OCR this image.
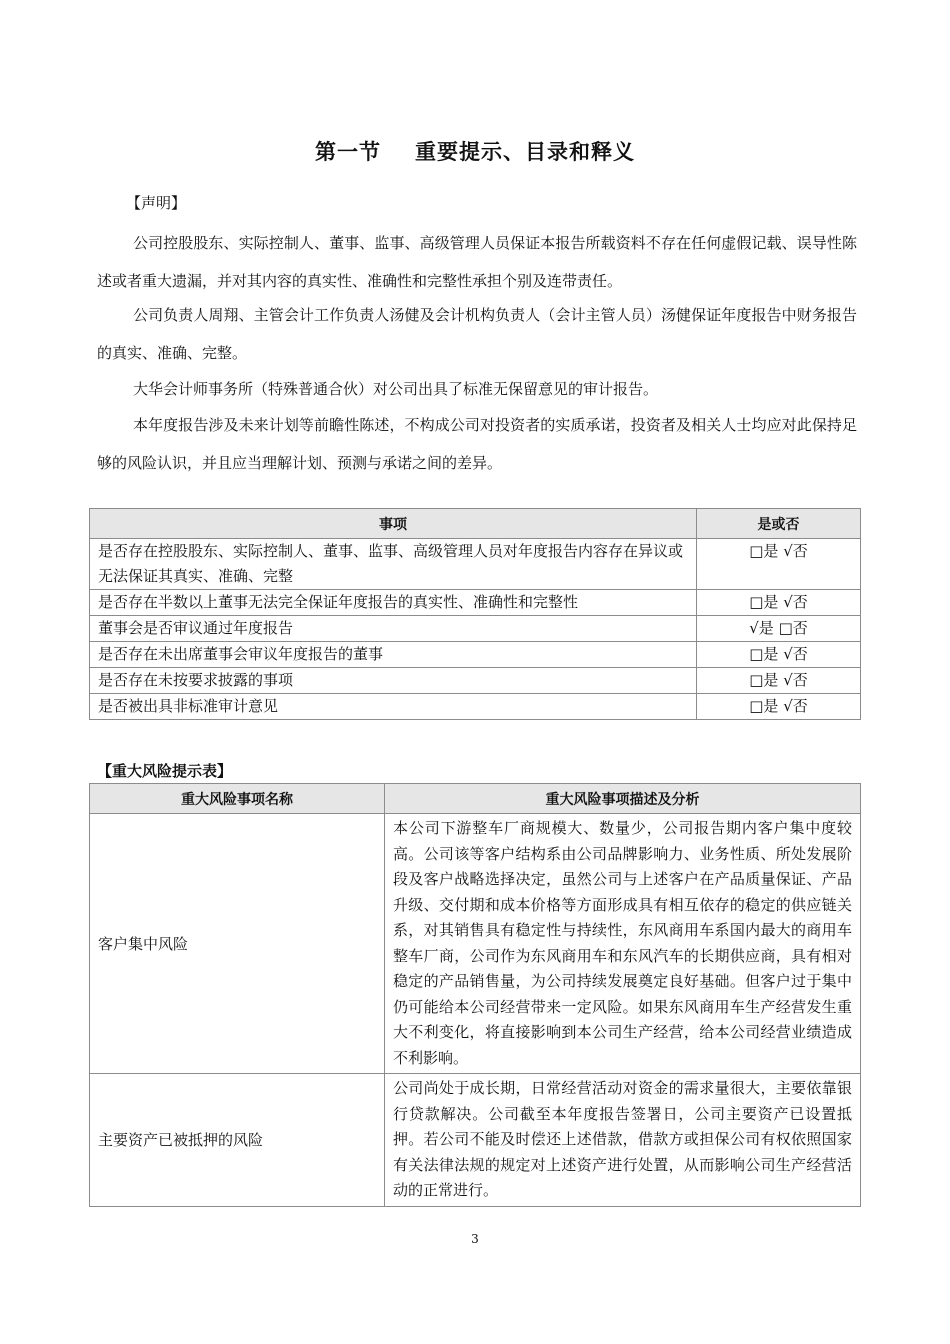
第一节 重要提示、目录和释义
【声明】
公司控股股东、实际控制人、董事、监事、高级管理人员保证本报告所载资料不存在任何虚假记载、误导性陈述或者重大遗漏，并对其内容的真实性、准确性和完整性承担个别及连带责任。
公司负责人周翔、主管会计工作负责人汤健及会计机构负责人（会计主管人员）汤健保证年度报告中财务报告的真实、准确、完整。
大华会计师事务所（特殊普通合伙）对公司出具了标准无保留意见的审计报告。
本年度报告涉及未来计划等前瞻性陈述，不构成公司对投资者的实质承诺，投资者及相关人士均应对此保持足够的风险认识，并且应当理解计划、预测与承诺之间的差异。
事项	是或否
是否存在控股股东、实际控制人、董事、监事、高级管理人员对年度报告内容存在异议或无法保证其真实、准确、完整	□是 √否
是否存在半数以上董事无法完全保证年度报告的真实性、准确性和完整性	□是 √否
董事会是否审议通过年度报告	√是 □否
是否存在未出席董事会审议年度报告的董事	□是 √否
是否存在未按要求披露的事项	□是 √否
是否被出具非标准审计意见	□是 √否
【重大风险提示表】
重大风险事项名称	重大风险事项描述及分析
客户集中风险	本公司下游整车厂商规模大、数量少，公司报告期内客户集中度较高。公司该等客户结构系由公司品牌影响力、业务性质、所处发展阶段及客户战略选择决定，虽然公司与上述客户在产品质量保证、产品升级、交付期和成本价格等方面形成具有相互依存的稳定的供应链关系，对其销售具有稳定性与持续性，东风商用车系国内最大的商用车整车厂商，公司作为东风商用车和东风汽车的长期供应商，具有相对稳定的产品销售量，为公司持续发展奠定良好基础。但客户过于集中仍可能给本公司经营带来一定风险。如果东风商用车生产经营发生重大不利变化，将直接影响到本公司生产经营，给本公司经营业绩造成不利影响。
主要资产已被抵押的风险	公司尚处于成长期，日常经营活动对资金的需求量很大，主要依靠银行贷款解决。公司截至本年度报告签署日，公司主要资产已设置抵押。若公司不能及时偿还上述借款，借款方或担保公司有权依照国家有关法律法规的规定对上述资产进行处置，从而影响公司生产经营活动的正常进行。
3
